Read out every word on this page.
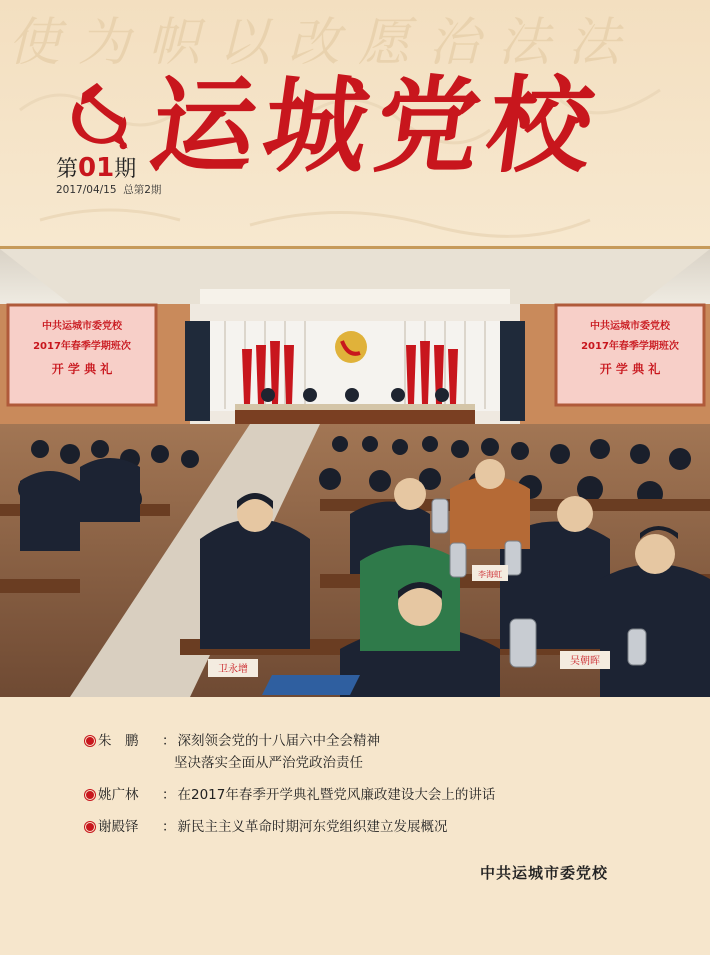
使为帜以改愿治法法
运城党校
第01期
2017/04/15 总第2期
中共运城市委党校
2017年春季学期班次
开 学 典 礼
中共运城市委党校
2017年春季学期班次
开 学 典 礼
卫永增
吴朝晖
李海虹
朱　鹏 ： 深刻领会党的十八届六中全会精神
坚决落实全面从严治党政治责任
姚广林 ： 在2017年春季开学典礼暨党风廉政建设大会上的讲话
谢殿铎 ： 新民主主义革命时期河东党组织建立发展概况
中共运城市委党校
